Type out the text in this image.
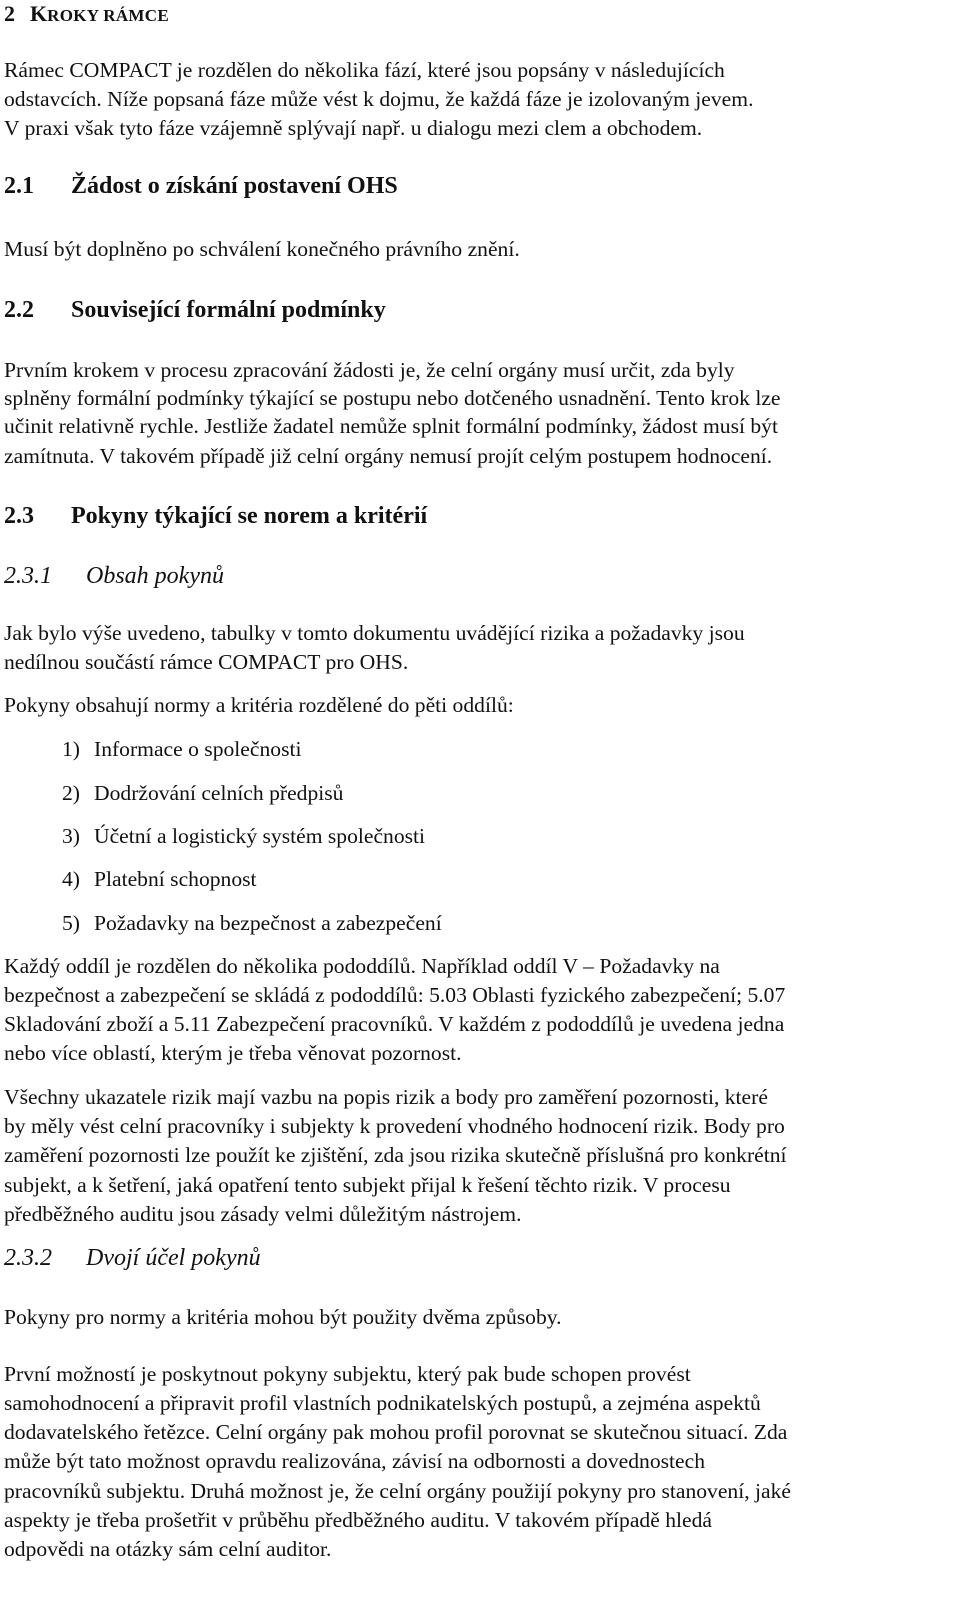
2 KROKY RÁMCE
Rámec COMPACT je rozdělen do několika fází, které jsou popsány v následujících
odstavcích. Níže popsaná fáze může vést k dojmu, že každá fáze je izolovaným jevem.
V praxi však tyto fáze vzájemně splývají např. u dialogu mezi clem a obchodem.
2.1 Žádost o získání postavení OHS
Musí být doplněno po schválení konečného právního znění.
2.2 Související formální podmínky
Prvním krokem v procesu zpracování žádosti je, že celní orgány musí určit, zda byly
splněny formální podmínky týkající se postupu nebo dotčeného usnadnění. Tento krok lze
učinit relativně rychle. Jestliže žadatel nemůže splnit formální podmínky, žádost musí být
zamítnuta. V takovém případě již celní orgány nemusí projít celým postupem hodnocení.
2.3 Pokyny týkající se norem a kritérií
2.3.1 Obsah pokynů
Jak bylo výše uvedeno, tabulky v tomto dokumentu uvádějící rizika a požadavky jsou
nedílnou součástí rámce COMPACT pro OHS.
Pokyny obsahují normy a kritéria rozdělené do pěti oddílů:
1) Informace o společnosti
2) Dodržování celních předpisů
3) Účetní a logistický systém společnosti
4) Platební schopnost
5) Požadavky na bezpečnost a zabezpečení
Každý oddíl je rozdělen do několika pododdílů. Například oddíl V – Požadavky na
bezpečnost a zabezpečení se skládá z pododdílů: 5.03 Oblasti fyzického zabezpečení; 5.07
Skladování zboží a 5.11 Zabezpečení pracovníků. V každém z pododdílů je uvedena jedna
nebo více oblastí, kterým je třeba věnovat pozornost.
Všechny ukazatele rizik mají vazbu na popis rizik a body pro zaměření pozornosti, které
by měly vést celní pracovníky i subjekty k provedení vhodného hodnocení rizik. Body pro
zaměření pozornosti lze použít ke zjištění, zda jsou rizika skutečně příslušná pro konkrétní
subjekt, a k šetření, jaká opatření tento subjekt přijal k řešení těchto rizik. V procesu
předběžného auditu jsou zásady velmi důležitým nástrojem.
2.3.2 Dvojí účel pokynů
Pokyny pro normy a kritéria mohou být použity dvěma způsoby.
První možností je poskytnout pokyny subjektu, který pak bude schopen provést
samohodnocení a připravit profil vlastních podnikatelských postupů, a zejména aspektů
dodavatelského řetězce. Celní orgány pak mohou profil porovnat se skutečnou situací. Zda
může být tato možnost opravdu realizována, závisí na odbornosti a dovednostech
pracovníků subjektu. Druhá možnost je, že celní orgány použijí pokyny pro stanovení, jaké
aspekty je třeba prošetřit v průběhu předběžného auditu. V takovém případě hledá
odpovědi na otázky sám celní auditor.
